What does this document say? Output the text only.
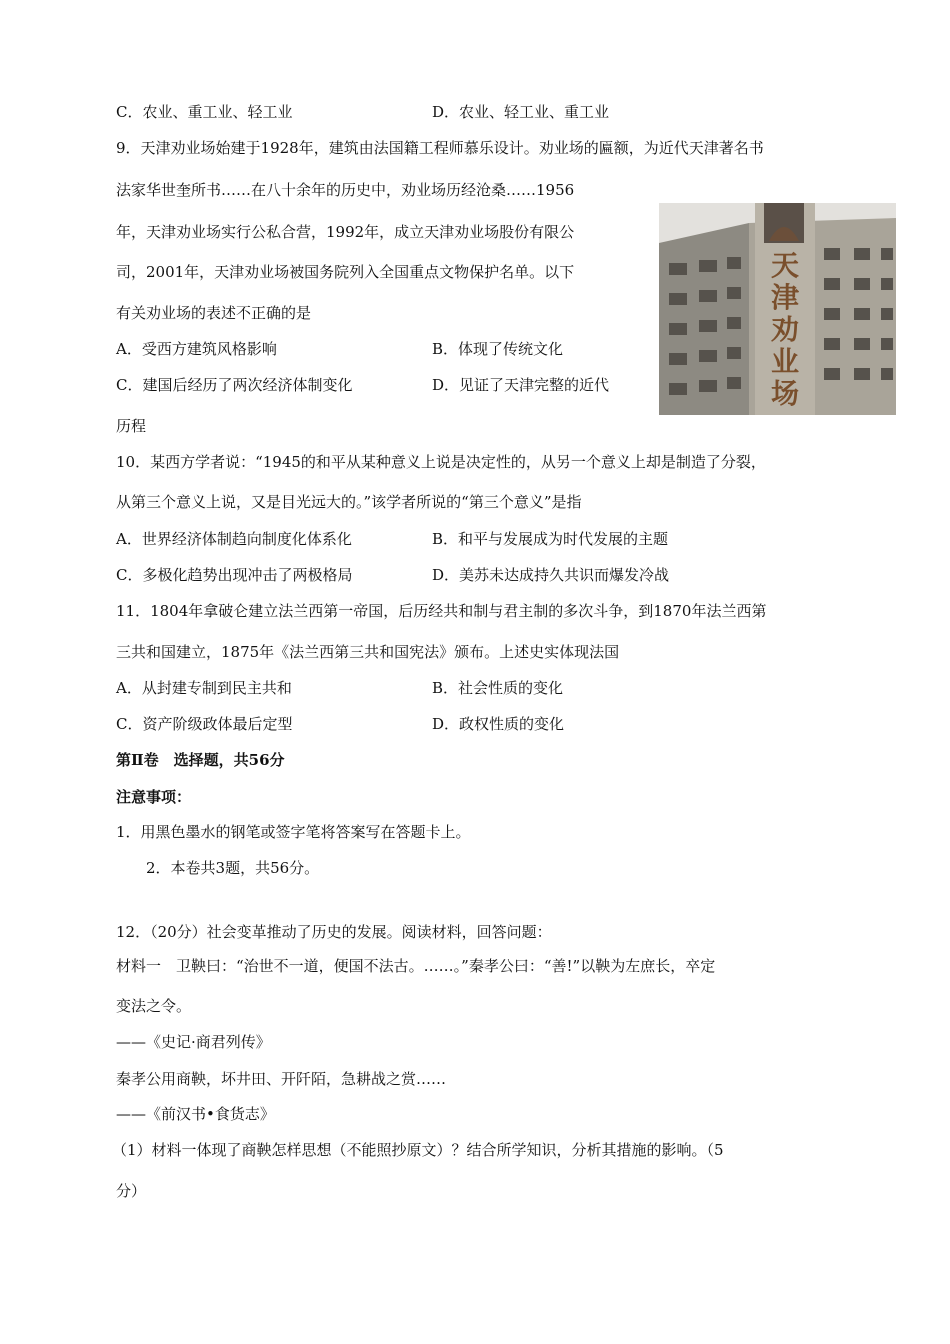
C．农业、重工业、轻工业	D．农业、轻工业、重工业
9．天津劝业场始建于1928年，建筑由法国籍工程师慕乐设计。劝业场的匾额，为近代天津著名书
法家华世奎所书……在八十余年的历史中，劝业场历经沧桑……1956
年，天津劝业场实行公私合营，1992年，成立天津劝业场股份有限公
司，2001年，天津劝业场被国务院列入全国重点文物保护名单。以下
有关劝业场的表述不正确的是
A．受西方建筑风格影响	B．体现了传统文化
C．建国后经历了两次经济体制变化	D．见证了天津完整的近代
历程
天
津
劝
业
场
10．某西方学者说：“1945的和平从某种意义上说是决定性的，从另一个意义上却是制造了分裂，
从第三个意义上说，又是目光远大的。”该学者所说的“第三个意义”是指
A．世界经济体制趋向制度化体系化	B．和平与发展成为时代发展的主题
C．多极化趋势出现冲击了两极格局	D．美苏未达成持久共识而爆发冷战
11．1804年拿破仑建立法兰西第一帝国，后历经共和制与君主制的多次斗争，到1870年法兰西第
三共和国建立，1875年《法兰西第三共和国宪法》颁布。上述史实体现法国
A．从封建专制到民主共和	B．社会性质的变化
C．资产阶级政体最后定型	D．政权性质的变化
第Ⅱ卷　选择题，共56分
注意事项：
1．用黑色墨水的钢笔或签字笔将答案写在答题卡上。
2．本卷共3题，共56分。
12．（20分）社会变革推动了历史的发展。阅读材料，回答问题：
材料一　卫鞅曰：“治世不一道，便国不法古。……。”秦孝公曰：“善!”以鞅为左庶长，卒定
变法之令。
——《史记·商君列传》
秦孝公用商鞅，坏井田、开阡陌，急耕战之赏……
——《前汉书•食货志》
（1）材料一体现了商鞅怎样思想（不能照抄原文）？结合所学知识，分析其措施的影响。（5
分）
